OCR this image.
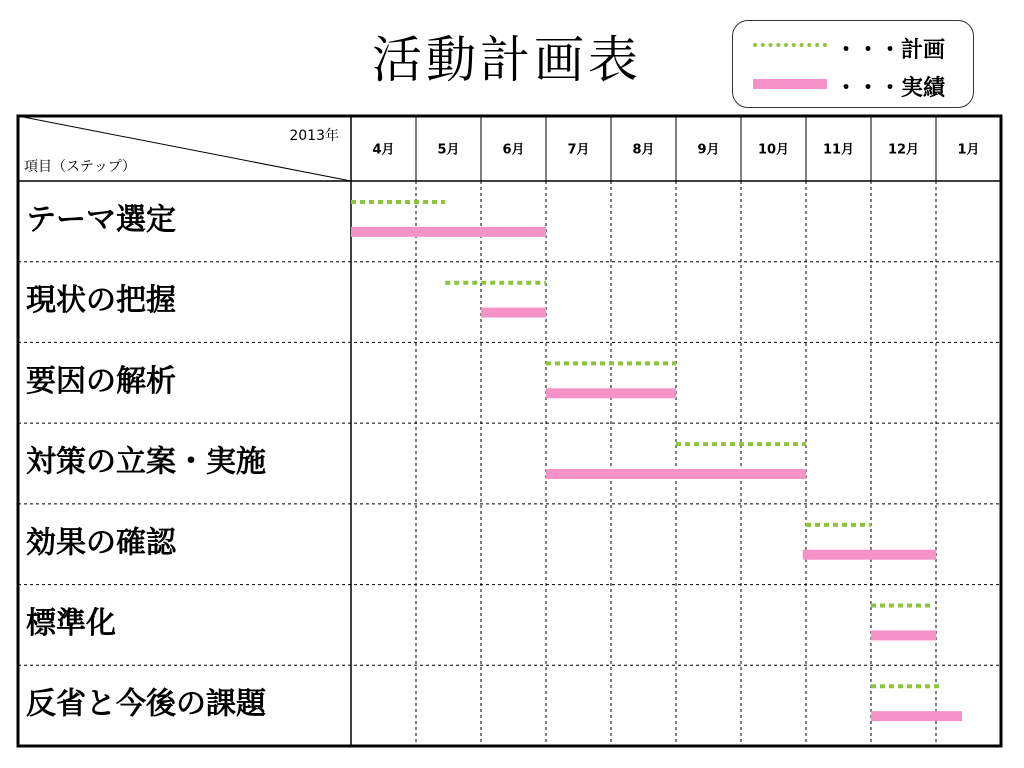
活動計画表	・・・計画
・・・実績
2013年
項目（ステップ）
4月	5月	6月	7月	8月	9月	10月	11月	12月	1月
テーマ選定
現状の把握
要因の解析
対策の立案・実施
効果の確認
標準化
反省と今後の課題
